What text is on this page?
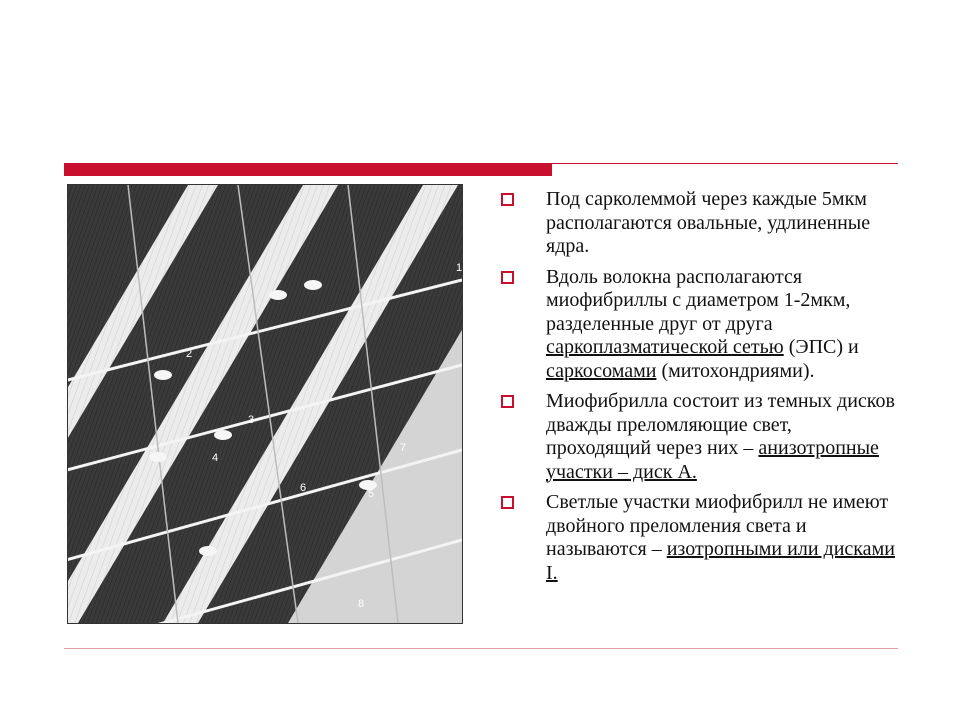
1
2
3
4
5
6
7
8
Под сарколеммой через каждые 5мкм располагаются овальные, удлиненные ядра.
Вдоль волокна располагаются миофибриллы с диаметром 1-2мкм, разделенные друг от друга саркоплазматической сетью (ЭПС) и саркосомами (митохондриями).
Миофибрилла состоит из темных дисков дважды преломляющие свет, проходящий через них – анизотропные участки – диск А.
Светлые участки миофибрилл не имеют двойного преломления света и называются – изотропными или дисками I.
